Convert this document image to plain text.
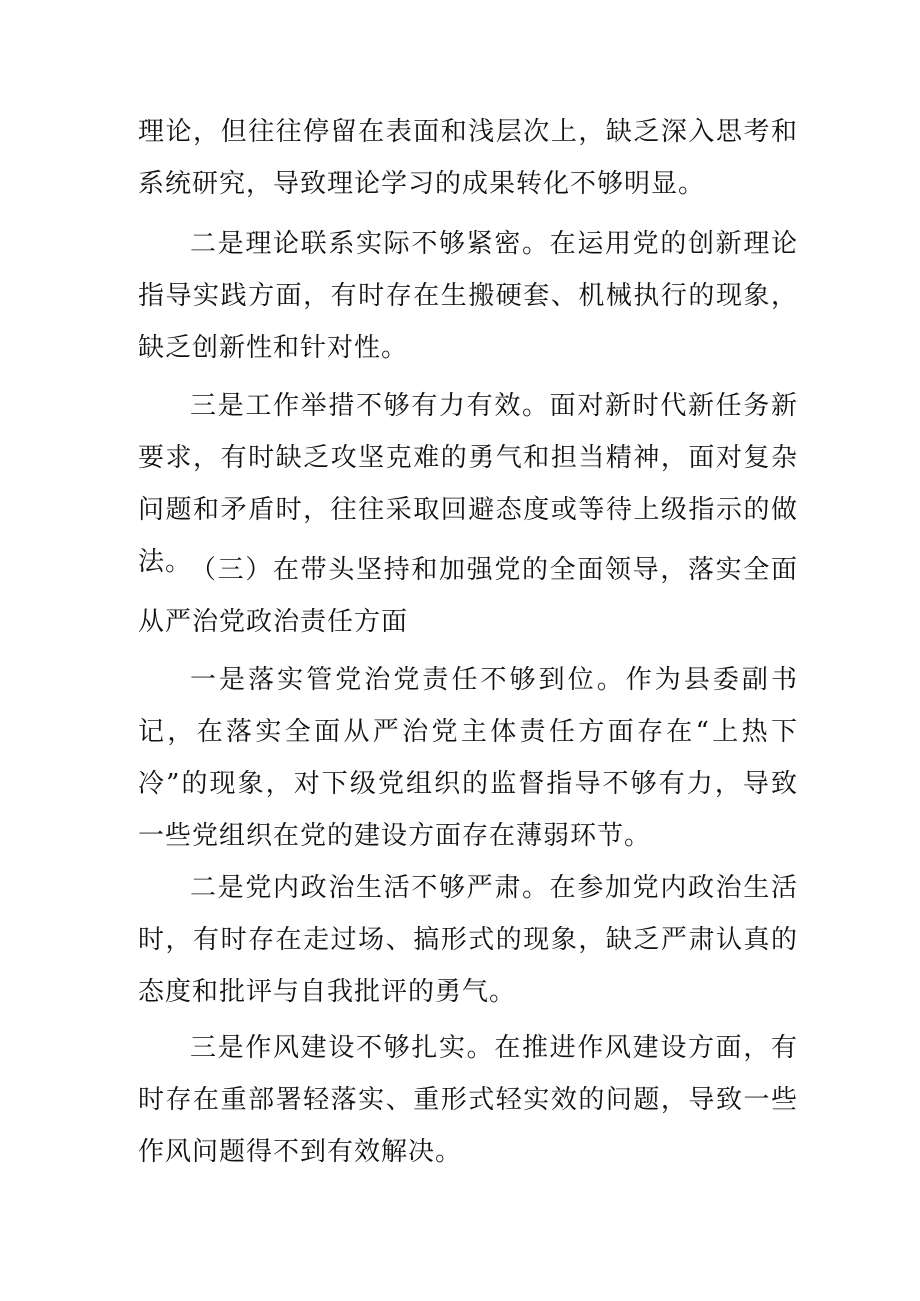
理论，但往往停留在表面和浅层次上，缺乏深入思考和系统研究，导致理论学习的成果转化不够明显。

二是理论联系实际不够紧密。在运用党的创新理论指导实践方面，有时存在生搬硬套、机械执行的现象，缺乏创新性和针对性。

三是工作举措不够有力有效。面对新时代新任务新要求，有时缺乏攻坚克难的勇气和担当精神，面对复杂问题和矛盾时，往往采取回避态度或等待上级指示的做法。

（三）在带头坚持和加强党的全面领导，落实全面从严治党政治责任方面

一是落实管党治党责任不够到位。作为县委副书记，在落实全面从严治党主体责任方面存在“上热下冷”的现象，对下级党组织的监督指导不够有力，导致一些党组织在党的建设方面存在薄弱环节。

二是党内政治生活不够严肃。在参加党内政治生活时，有时存在走过场、搞形式的现象，缺乏严肃认真的态度和批评与自我批评的勇气。

三是作风建设不够扎实。在推进作风建设方面，有时存在重部署轻落实、重形式轻实效的问题，导致一些作风问题得不到有效解决。
